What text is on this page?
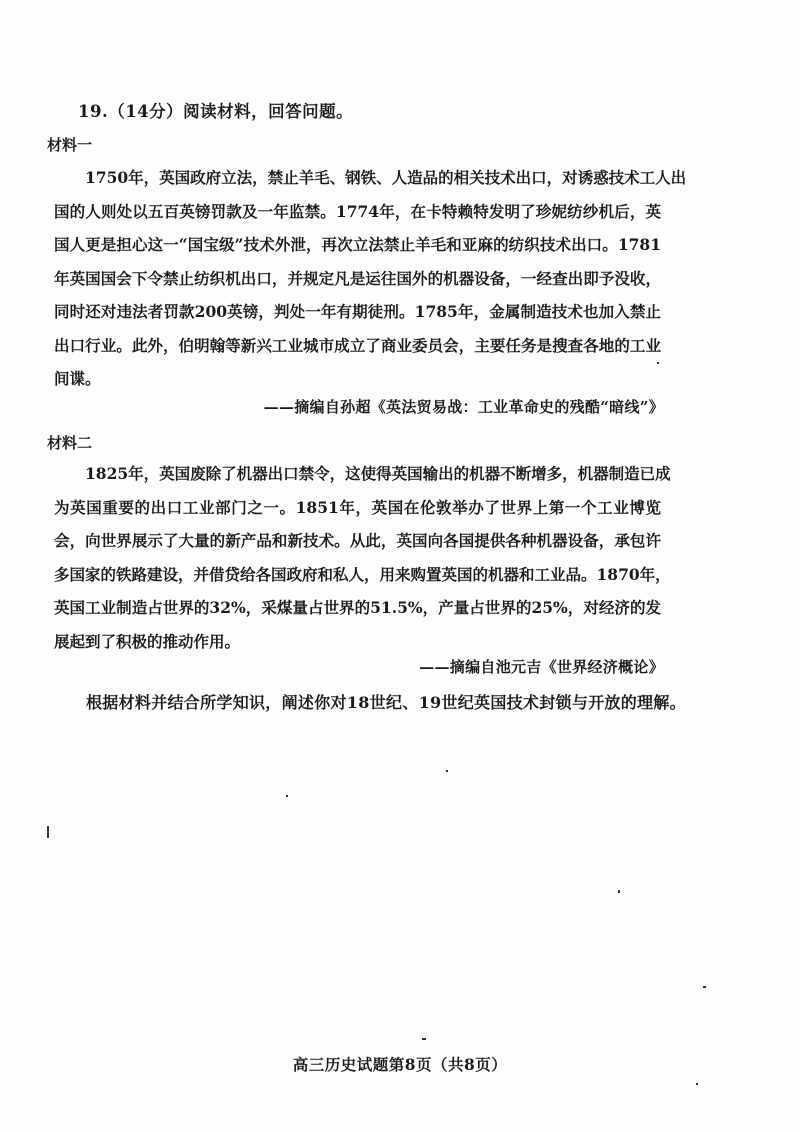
19.（14分）阅读材料，回答问题。
材料一
1750年，英国政府立法，禁止羊毛、钢铁、人造品的相关技术出口，对诱惑技术工人出
国的人则处以五百英镑罚款及一年监禁。1774年，在卡特赖特发明了珍妮纺纱机后，英
国人更是担心这一“国宝级”技术外泄，再次立法禁止羊毛和亚麻的纺织技术出口。1781
年英国国会下令禁止纺织机出口，并规定凡是运往国外的机器设备，一经查出即予没收，
同时还对违法者罚款200英镑，判处一年有期徒刑。1785年，金属制造技术也加入禁止
出口行业。此外，伯明翰等新兴工业城市成立了商业委员会，主要任务是搜查各地的工业
间谍。
——摘编自孙超《英法贸易战：工业革命史的残酷“暗线”》
材料二
1825年，英国废除了机器出口禁令，这使得英国输出的机器不断增多，机器制造已成
为英国重要的出口工业部门之一。1851年，英国在伦敦举办了世界上第一个工业博览
会，向世界展示了大量的新产品和新技术。从此，英国向各国提供各种机器设备，承包许
多国家的铁路建设，并借贷给各国政府和私人，用来购置英国的机器和工业品。1870年，
英国工业制造占世界的32%，采煤量占世界的51.5%，产量占世界的25%，对经济的发
展起到了积极的推动作用。
——摘编自池元吉《世界经济概论》
根据材料并结合所学知识，阐述你对18世纪、19世纪英国技术封锁与开放的理解。
高三历史试题第8页（共8页）
